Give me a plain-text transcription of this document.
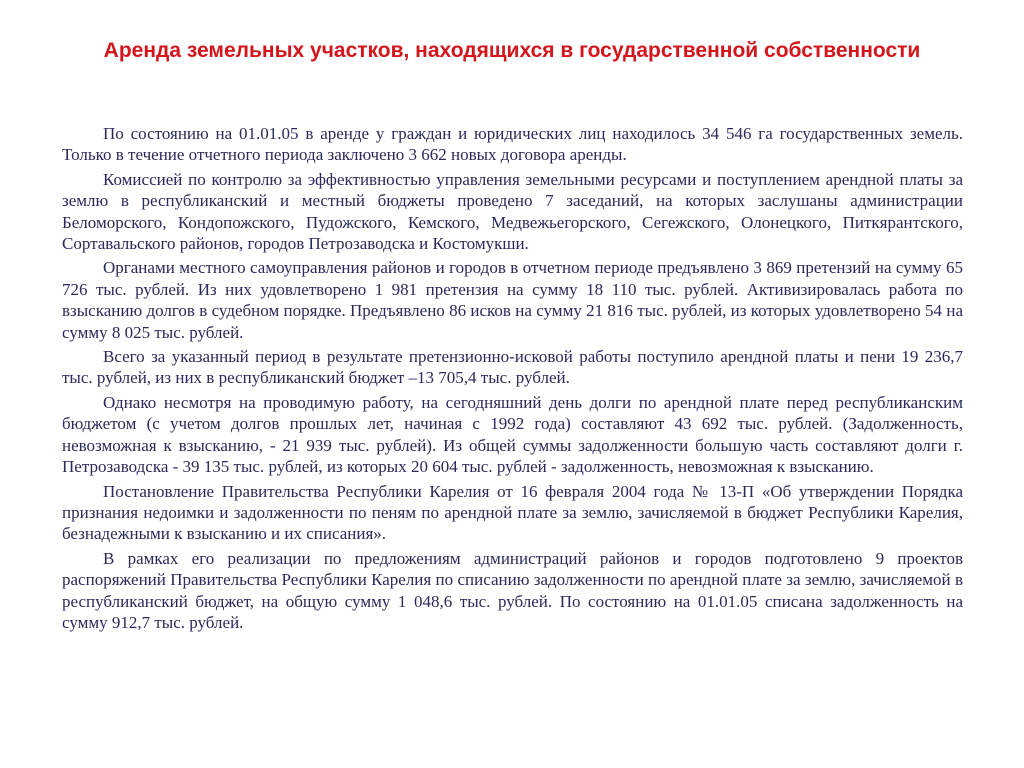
Аренда земельных участков, находящихся в государственной собственности

По состоянию на 01.01.05 в аренде у граждан и юридических лиц находилось 34 546 га государственных земель. Только в течение отчетного периода заключено 3 662 новых договора аренды.

Комиссией по контролю за эффективностью управления земельными ресурсами и поступлением арендной платы за землю в республиканский и местный бюджеты проведено 7 заседаний, на которых заслушаны администрации Беломорского, Кондопожского, Пудожского, Кемского, Медвежьегорского, Сегежского, Олонецкого, Питкярантского, Сортавальского районов, городов Петрозаводска и Костомукши.

Органами местного самоуправления районов и городов в отчетном периоде предъявлено 3 869 претензий на сумму 65 726 тыс. рублей. Из них удовлетворено 1 981 претензия на сумму 18 110 тыс. рублей. Активизировалась работа по взысканию долгов в судебном порядке. Предъявлено 86 исков на сумму 21 816 тыс. рублей, из которых удовлетворено 54 на сумму 8 025 тыс. рублей.

Всего за указанный период в результате претензионно-исковой работы поступило арендной платы и пени 19 236,7 тыс. рублей, из них в республиканский бюджет –13 705,4 тыс. рублей.

Однако несмотря на проводимую работу, на сегодняшний день долги по арендной плате перед республиканским бюджетом (с учетом долгов прошлых лет, начиная с 1992 года) составляют 43 692 тыс. рублей. (Задолженность, невозможная к взысканию, - 21 939 тыс. рублей). Из общей суммы задолженности большую часть составляют долги г. Петрозаводска - 39 135 тыс. рублей, из которых 20 604 тыс. рублей - задолженность, невозможная к взысканию.

Постановление Правительства Республики Карелия от 16 февраля 2004 года № 13-П «Об утверждении Порядка признания недоимки и задолженности по пеням по арендной плате за землю, зачисляемой в бюджет Республики Карелия, безнадежными к взысканию и их списания».

В рамках его реализации по предложениям администраций районов и городов подготовлено 9 проектов распоряжений Правительства Республики Карелия по списанию задолженности по арендной плате за землю, зачисляемой в республиканский бюджет, на общую сумму 1 048,6 тыс. рублей. По состоянию на 01.01.05 списана задолженность на сумму 912,7 тыс. рублей.
